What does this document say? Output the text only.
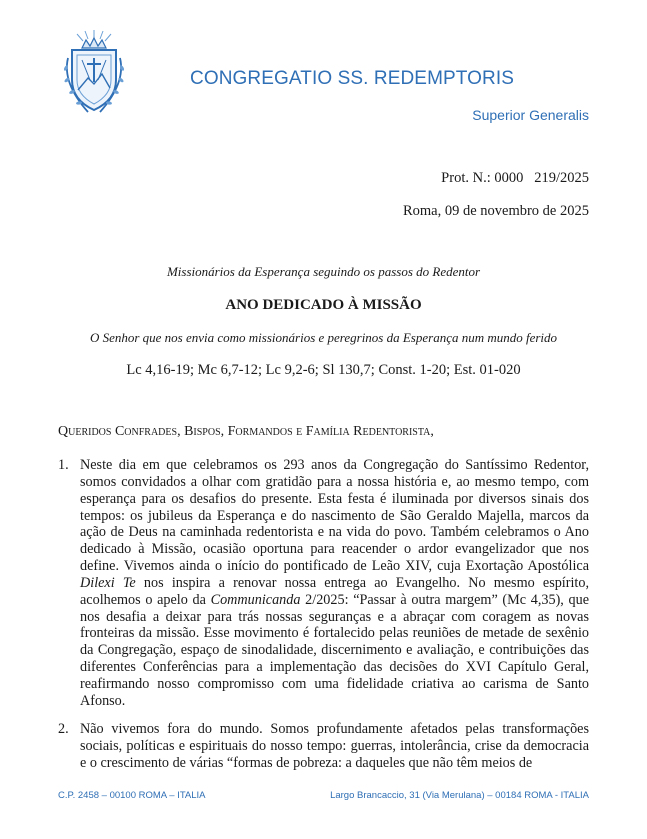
CONGREGATIO SS. REDEMPTORIS
Superior Generalis
Prot. N.: 0000   219/2025
Roma, 09 de novembro de 2025
Missionários da Esperança seguindo os passos do Redentor
ANO DEDICADO À MISSÃO
O Senhor que nos envia como missionários e peregrinos da Esperança num mundo ferido
Lc 4,16-19; Mc 6,7-12; Lc 9,2-6; Sl 130,7; Const. 1-20; Est. 01-020
Queridos Confrades, Bispos, Formandos e Família Redentorista,
1. Neste dia em que celebramos os 293 anos da Congregação do Santíssimo Redentor, somos convidados a olhar com gratidão para a nossa história e, ao mesmo tempo, com esperança para os desafios do presente. Esta festa é iluminada por diversos sinais dos tempos: os jubileus da Esperança e do nascimento de São Geraldo Majella, marcos da ação de Deus na caminhada redentorista e na vida do povo. Também celebramos o Ano dedicado à Missão, ocasião oportuna para reacender o ardor evangelizador que nos define. Vivemos ainda o início do pontificado de Leão XIV, cuja Exortação Apostólica Dilexi Te nos inspira a renovar nossa entrega ao Evangelho. No mesmo espírito, acolhemos o apelo da Communicanda 2/2025: “Passar à outra margem” (Mc 4,35), que nos desafia a deixar para trás nossas seguranças e a abraçar com coragem as novas fronteiras da missão. Esse movimento é fortalecido pelas reuniões de metade de sexênio da Congregação, espaço de sinodalidade, discernimento e avaliação, e contribuições das diferentes Conferências para a implementação das decisões do XVI Capítulo Geral, reafirmando nosso compromisso com uma fidelidade criativa ao carisma de Santo Afonso.
2. Não vivemos fora do mundo. Somos profundamente afetados pelas transformações sociais, políticas e espirituais do nosso tempo: guerras, intolerância, crise da democracia e o crescimento de várias “formas de pobreza: a daqueles que não têm meios de
C.P. 2458 – 00100 ROMA – ITALIA	Largo Brancaccio, 31 (Via Merulana) – 00184 ROMA - ITALIA
